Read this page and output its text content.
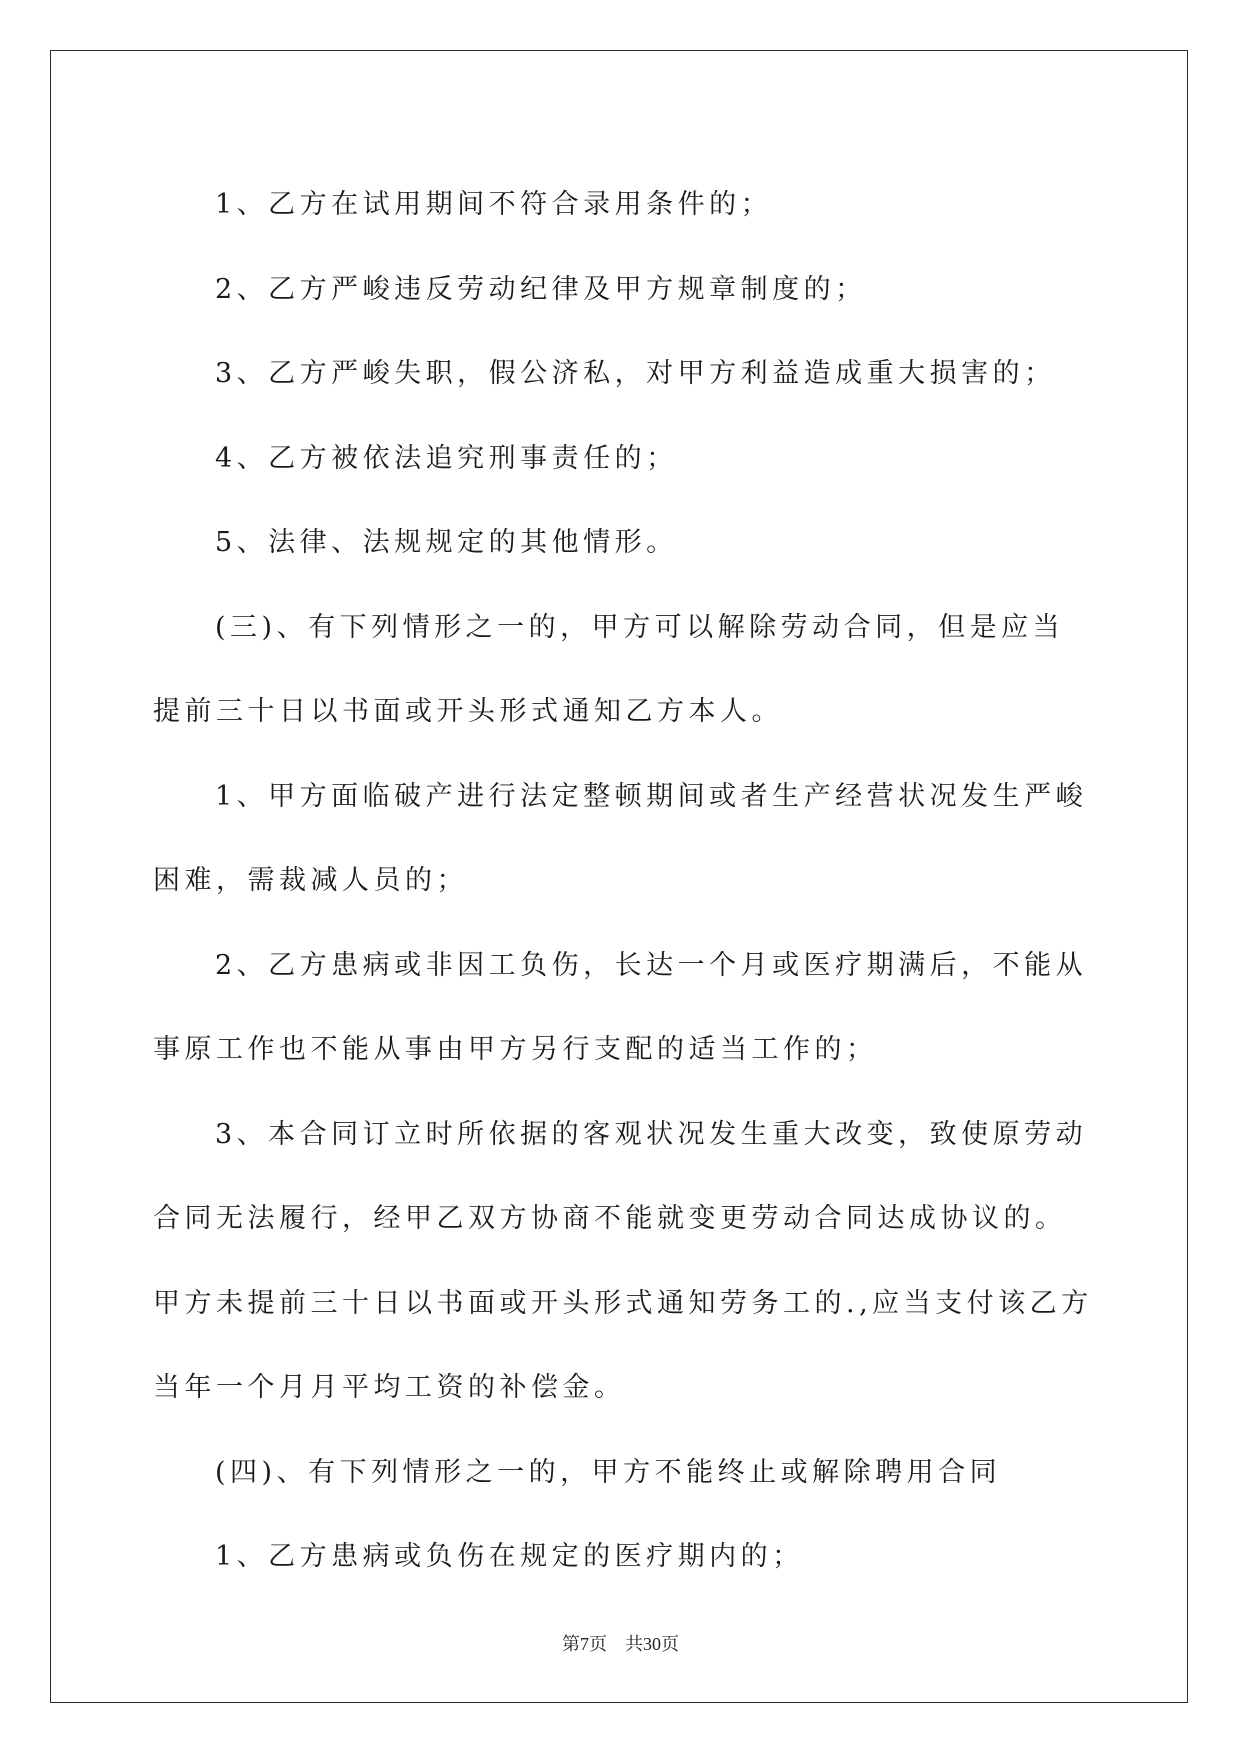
1、乙方在试用期间不符合录用条件的；

2、乙方严峻违反劳动纪律及甲方规章制度的；

3、乙方严峻失职，假公济私，对甲方利益造成重大损害的；

4、乙方被依法追究刑事责任的；

5、法律、法规规定的其他情形。

(三)、有下列情形之一的，甲方可以解除劳动合同，但是应当提前三十日以书面或开头形式通知乙方本人。

1、甲方面临破产进行法定整顿期间或者生产经营状况发生严峻困难，需裁减人员的；

2、乙方患病或非因工负伤，长达一个月或医疗期满后，不能从事原工作也不能从事由甲方另行支配的适当工作的；

3、本合同订立时所依据的客观状况发生重大改变，致使原劳动合同无法履行，经甲乙双方协商不能就变更劳动合同达成协议的。 甲方未提前三十日以书面或开头形式通知劳务工的.,应当支付该乙方当年一个月月平均工资的补偿金。

(四)、有下列情形之一的，甲方不能终止或解除聘用合同

1、乙方患病或负伤在规定的医疗期内的；

第7页 共30页
